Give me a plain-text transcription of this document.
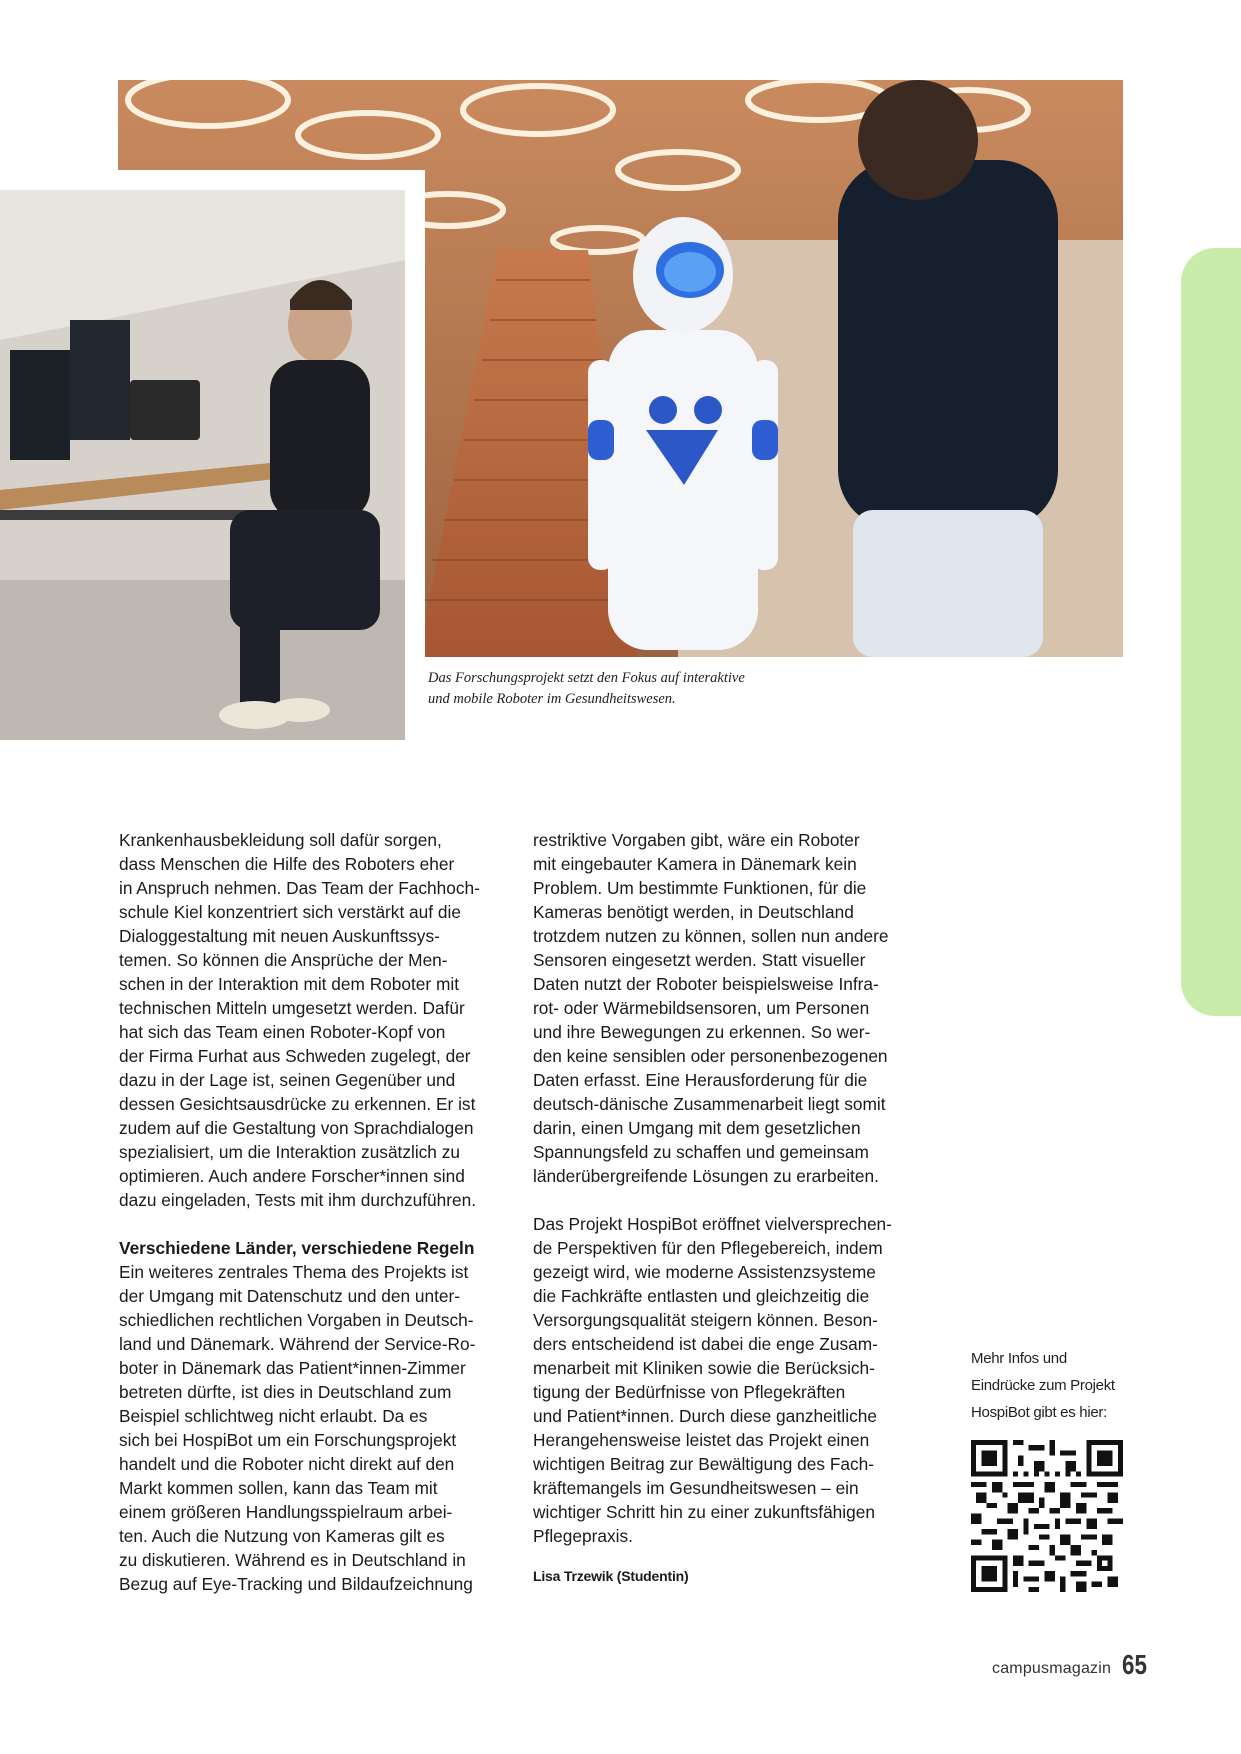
Das Forschungsprojekt setzt den Fokus auf interaktive
und mobile Roboter im Gesundheitswesen.
Krankenhausbekleidung soll dafür sorgen,
dass Menschen die Hilfe des Roboters eher
in Anspruch nehmen. Das Team der Fachhoch-
schule Kiel konzentriert sich verstärkt auf die
Dialoggestaltung mit neuen Auskunftssys-
temen. So können die Ansprüche der Men-
schen in der Interaktion mit dem Roboter mit
technischen Mitteln umgesetzt werden. Dafür
hat sich das Team einen Roboter-Kopf von
der Firma Furhat aus Schweden zugelegt, der
dazu in der Lage ist, seinen Gegenüber und
dessen Gesichtsausdrücke zu erkennen. Er ist
zudem auf die Gestaltung von Sprachdialogen
spezialisiert, um die Interaktion zusätzlich zu
optimieren. Auch andere Forscher*innen sind
dazu eingeladen, Tests mit ihm durchzuführen.
Verschiedene Länder, verschiedene Regeln
Ein weiteres zentrales Thema des Projekts ist
der Umgang mit Datenschutz und den unter-
schiedlichen rechtlichen Vorgaben in Deutsch-
land und Dänemark. Während der Service-Ro-
boter in Dänemark das Patient*innen-Zimmer
betreten dürfte, ist dies in Deutschland zum
Beispiel schlichtweg nicht erlaubt. Da es
sich bei HospiBot um ein Forschungsprojekt
handelt und die Roboter nicht direkt auf den
Markt kommen sollen, kann das Team mit
einem größeren Handlungsspielraum arbei-
ten. Auch die Nutzung von Kameras gilt es
zu diskutieren. Während es in Deutschland in
Bezug auf Eye-Tracking und Bildaufzeichnung
restriktive Vorgaben gibt, wäre ein Roboter
mit eingebauter Kamera in Dänemark kein
Problem. Um bestimmte Funktionen, für die
Kameras benötigt werden, in Deutschland
trotzdem nutzen zu können, sollen nun andere
Sensoren eingesetzt werden. Statt visueller
Daten nutzt der Roboter beispielsweise Infra-
rot- oder Wärmebildsensoren, um Personen
und ihre Bewegungen zu erkennen. So wer-
den keine sensiblen oder personenbezogenen
Daten erfasst. Eine Herausforderung für die
deutsch-dänische Zusammenarbeit liegt somit
darin, einen Umgang mit dem gesetzlichen
Spannungsfeld zu schaffen und gemeinsam
länderübergreifende Lösungen zu erarbeiten.
Das Projekt HospiBot eröffnet vielversprechen-
de Perspektiven für den Pflegebereich, indem
gezeigt wird, wie moderne Assistenzsysteme
die Fachkräfte entlasten und gleichzeitig die
Versorgungsqualität steigern können. Beson-
ders entscheidend ist dabei die enge Zusam-
menarbeit mit Kliniken sowie die Berücksich-
tigung der Bedürfnisse von Pflegekräften
und Patient*innen. Durch diese ganzheitliche
Herangehensweise leistet das Projekt einen
wichtigen Beitrag zur Bewältigung des Fach-
kräftemangels im Gesundheitswesen – ein
wichtiger Schritt hin zu einer zukunftsfähigen
Pflegepraxis.
Lisa Trzewik (Studentin)
Mehr Infos und
Eindrücke zum Projekt
HospiBot gibt es hier:
campusmagazin 65
